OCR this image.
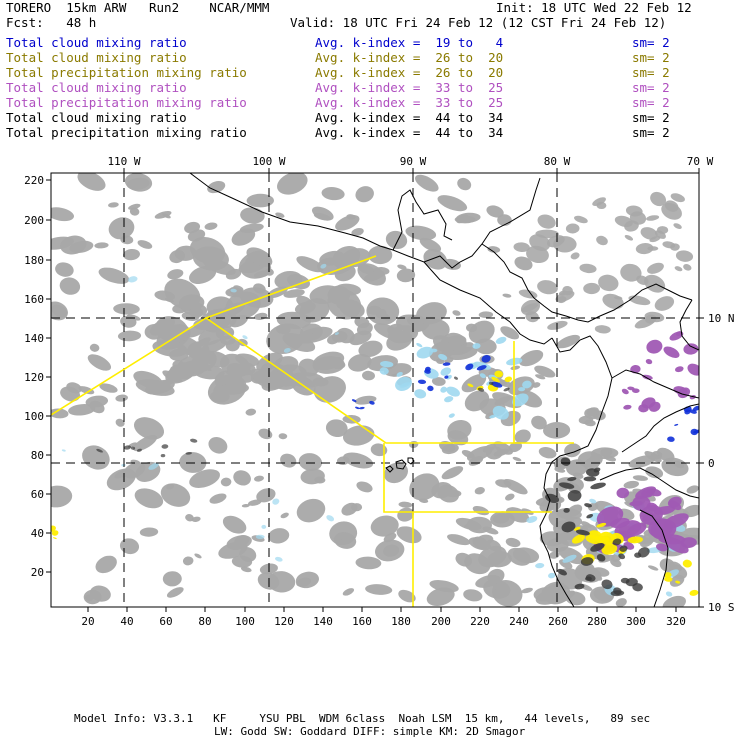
TORERO  15km ARW   Run2    NCAR/MMM	Init: 18 UTC Wed 22 Feb 12
Fcst:   48 h	Valid: 18 UTC Fri 24 Feb 12 (12 CST Fri 24 Feb 12)
Total cloud mixing ratio	Avg. k-index =  19 to   4	sm= 2
Total cloud mixing ratio	Avg. k-index =  26 to  20	sm= 2
Total precipitation mixing ratio	Avg. k-index =  26 to  20	sm= 2
Total cloud mixing ratio	Avg. k-index =  33 to  25	sm= 2
Total precipitation mixing ratio	Avg. k-index =  33 to  25	sm= 2
Total cloud mixing ratio	Avg. k-index =  44 to  34	sm= 2
Total precipitation mixing ratio	Avg. k-index =  44 to  34	sm= 2
110 W	100 W	90 W	80 W	70 W
10 N
0
10 S
220
200
180
160
140
120
100
80
60
40
20
20 40 60 80 100 120 140 160 180 200 220 240 260 280 300 320
Model Info: V3.3.1   KF     YSU PBL  WDM 6class  Noah LSM  15 km,   44 levels,   89 sec
LW: Godd SW: Goddard DIFF: simple KM: 2D Smagor
